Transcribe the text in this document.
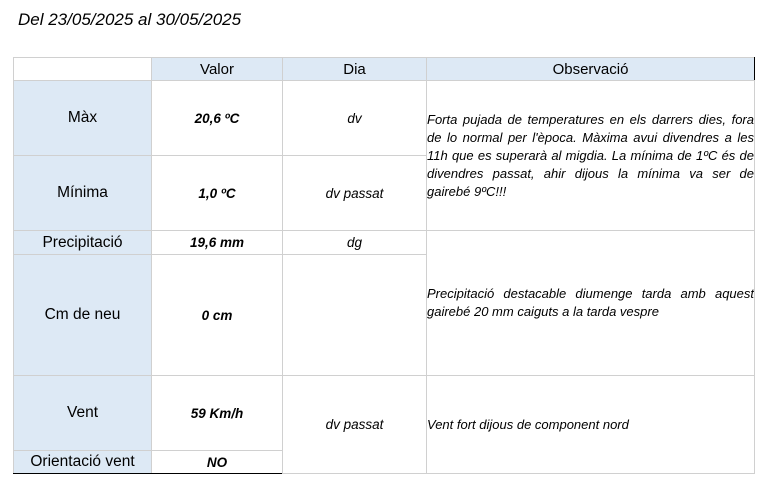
Del 23/05/2025 al 30/05/2025
	Valor	Dia	Observació
Màx	20,6 ºC	dv	Forta pujada de temperatures en els darrers dies, fora de lo normal per l'època. Màxima avui divendres a les 11h que es superarà al migdia. La mínima de 1ºC és de divendres passat, ahir dijous la mínima va ser de gairebé 9ºC!!!
Mínima	1,0 ºC	dv passat	
Precipitació	19,6 mm	dg	Precipitació destacable diumenge tarda amb aquest gairebé 20 mm caiguts a la tarda vespre
Cm de neu	0 cm		
Vent	59 Km/h	dv passat	Vent fort dijous de component nord
Orientació vent	NO		
